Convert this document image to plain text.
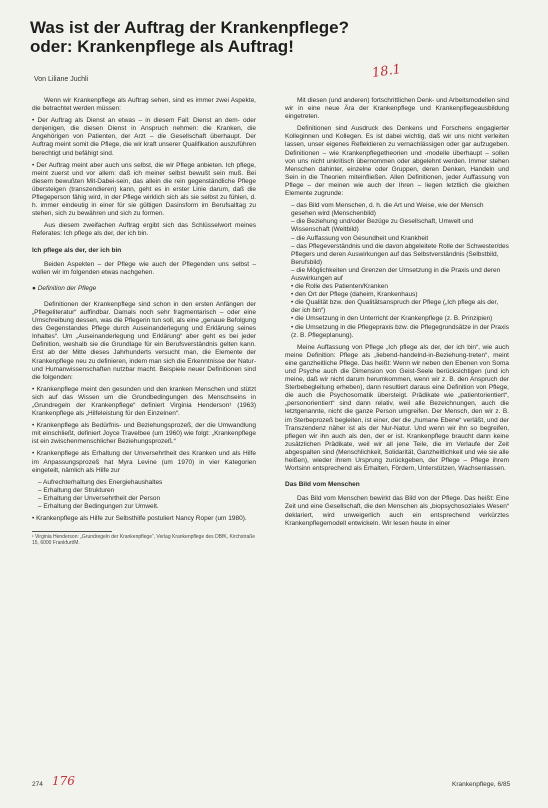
Was ist der Auftrag der Krankenpflege?
oder: Krankenpflege als Auftrag!
Von Liliane Juchli	18.1

Wenn wir Krankenpflege als Auftrag sehen, sind es immer zwei Aspekte, die betrachtet werden müssen:

• Der Auftrag als Dienst an etwas – in diesem Fall: Dienst an dem- oder denjenigen, die diesen Dienst in Anspruch nehmen: die Kranken, die Angehörigen von Patienten, der Arzt – die Gesellschaft überhaupt. Der Auftrag meint somit die Pflege, die wir kraft unserer Qualifikation auszuführen berechtigt und befähigt sind.

• Der Auftrag meint aber auch uns selbst, die wir Pflege anbieten. Ich pflege, meint zuerst und vor allem: daß ich meiner selbst bewußt sein muß. Bei diesem bewußten Mit-Dabei-sein, das allein die rein gegenständliche Pflege übersteigen (transzendieren) kann, geht es in erster Linie darum, daß die Pflegeperson fähig wird, in der Pflege wirklich sich als sie selbst zu fühlen, d. h. immer eindeutig in einer für sie gültigen Dasinsform im Berufsalltag zu stehen, sich zu bewähren und sich zu formen.

Aus diesem zweifachen Auftrag ergibt sich das Schlüsselwort meines Referates: Ich pflege als der, der ich bin.

Ich pflege als der, der ich bin

Beiden Aspekten – der Pflege wie auch der Pflegenden uns selbst – wollen wir im folgenden etwas nachgehen.

● Definition der Pflege

Definitionen der Krankenpflege sind schon in den ersten Anfängen der „Pflegeliteratur“ auffindbar. Damals noch sehr fragmentarisch – oder eine Umschreibung dessen, was die Pflegerin tun soll, als eine „genaue Befolgung des Gegenstandes Pflege durch Auseinanderlegung und Erklärung seines Inhaltes“. Um „Auseinanderlegung und Erklärung“ aber geht es bei jeder Definition, weshalb sie die Grundlage für ein Berufsverständnis gelten kann. Erst ab der Mitte dieses Jahrhunderts versucht man, die Elemente der Krankenpflege neu zu definieren, indem man sich die Erkenntnisse der Natur- und Humanwissenschaften nutzbar macht. Beispiele neuer Definitionen sind die folgenden:

• Krankenpflege meint den gesunden und den kranken Menschen und stützt sich auf das Wissen um die Grundbedingungen des Menschseins in „Grundregeln der Krankenpflege“ definiert Virginia Henderson¹ (1963) Krankenpflege als „Hilfeleistung für den Einzelnen“.

• Krankenpflege als Bedürfnis- und Beziehungsprozeß, der die Umwandlung mit einschließt, definiert Joyce Travelbee (um 1960) wie folgt: „Krankenpflege ist ein zwischenmenschlicher Beziehungsprozeß.“

• Krankenpflege als Erhaltung der Unversehrtheit des Kranken und als Hilfe im Anpassungsprozeß hat Myra Levine (um 1970) in vier Kategorien eingeteilt, nämlich als Hilfe zur

– Aufrechterhaltung des Energiehaushaltes
– Erhaltung der Strukturen
– Erhaltung der Unversehrtheit der Person
– Erhaltung der Bedingungen zur Umwelt.

• Krankenpflege als Hilfe zur Selbsthilfe postuliert Nancy Roper (um 1980).

¹ Virginia Henderson: „Grundregeln der Krankenpflege“, Verlag Krankenpflege des DBfK, Kirchstraße 15, 6000 Frankfurt/M.

Mit diesen (und anderen) fortschrittlichen Denk- und Arbeitsmodellen sind wir in eine neue Ära der Krankenpflege und Krankenpflegeausbildung eingetreten.

Definitionen sind Ausdruck des Denkens und Forschens engagierter Kolleginnen und Kollegen. Es ist dabei wichtig, daß wir uns nicht verleiten lassen, unser eigenes Reflektieren zu vernachlässigen oder gar aufzugeben. Definitionen – wie Krankenpflegetheorien und -modelle überhaupt – sollen von uns nicht unkritisch übernommen oder abgelehnt werden. Immer stehen Menschen dahinter, einzelne oder Gruppen, deren Denken, Handeln und Sein in die Theorien miteinfließen. Allen Definitionen, jeder Auffassung von Pflege – der meinen wie auch der Ihren – liegen letztlich die gleichen Elemente zugrunde:

– das Bild vom Menschen, d. h. die Art und Weise, wie der Mensch gesehen wird (Menschenbild)
– die Beziehung und/oder Bezüge zu Gesellschaft, Umwelt und Wissenschaft (Weltbild)
– die Auffassung von Gesundheit und Krankheit
– das Pflegeverständnis und die davon abgeleitete Rolle der Schwester/des Pflegers und deren Auswirkungen auf das Selbstverständnis (Selbstbild, Berufsbild)
– die Möglichkeiten und Grenzen der Umsetzung in die Praxis und deren Auswirkungen auf
• die Rolle des Patienten/Kranken
• den Ort der Pflege (daheim, Krankenhaus)
• die Qualität bzw. den Qualitätsanspruch der Pflege („Ich pflege als der, der ich bin“)
• die Umsetzung in den Unterricht der Krankenpflege (z. B. Prinzipien)
• die Umsetzung in die Pflegepraxis bzw. die Pflegegrundsätze in der Praxis (z. B. Pflegeplanung).

Meine Auffassung von Pflege „Ich pflege als der, der ich bin“, wie auch meine Definition: Pflege als „liebend-handelnd-in-Beziehung-treten“, meint eine ganzheitliche Pflege. Das heißt: Wenn wir neben den Ebenen von Soma und Psyche auch die Dimension von Geist-Seele berücksichtigen (und ich meine, daß wir nicht darum herumkommen, wenn wir z. B. den Anspruch der Sterbebegleitung erheben), dann resultiert daraus eine Definition von Pflege, die auch die Psychosomatik übersteigt. Prädikate wie „patientorientiert“, „personorientiert“ sind dann relativ, weil alle Bezeichnungen, auch die letztgenannte, nicht die ganze Person umgreifen. Der Mensch, den wir z. B. im Sterbeprozeß begleiten, ist einer, der die „humane Ebene“ verläßt, und der Transzendenz näher ist als der Nur-Natur. Und wenn wir ihn so begreifen, pflegen wir ihn auch als den, der er ist. Krankenpflege braucht dann keine zusätzlichen Prädikate, weil wir all jene Teile, die im Verlaufe der Zeit abgespalten sind (Menschlichkeit, Solidarität, Ganzheitlichkeit und wie sie alle heißen), wieder ihrem Ursprung zurückgeben, der Pflege – Pflege ihrem Wortsinn entsprechend als Erhalten, Fördern, Unterstützen, Wachsenlassen.

Das Bild vom Menschen

Das Bild vom Menschen bewirkt das Bild von der Pflege. Das heißt: Eine Zeit und eine Gesellschaft, die den Menschen als „biopsychosoziales Wesen“ deklariert, wird unweigerlich auch ein entsprechend verkürztes Krankenpflegemodell entwickeln. Wir lesen heute in einer

274 176	Krankenpflege, 6/85
